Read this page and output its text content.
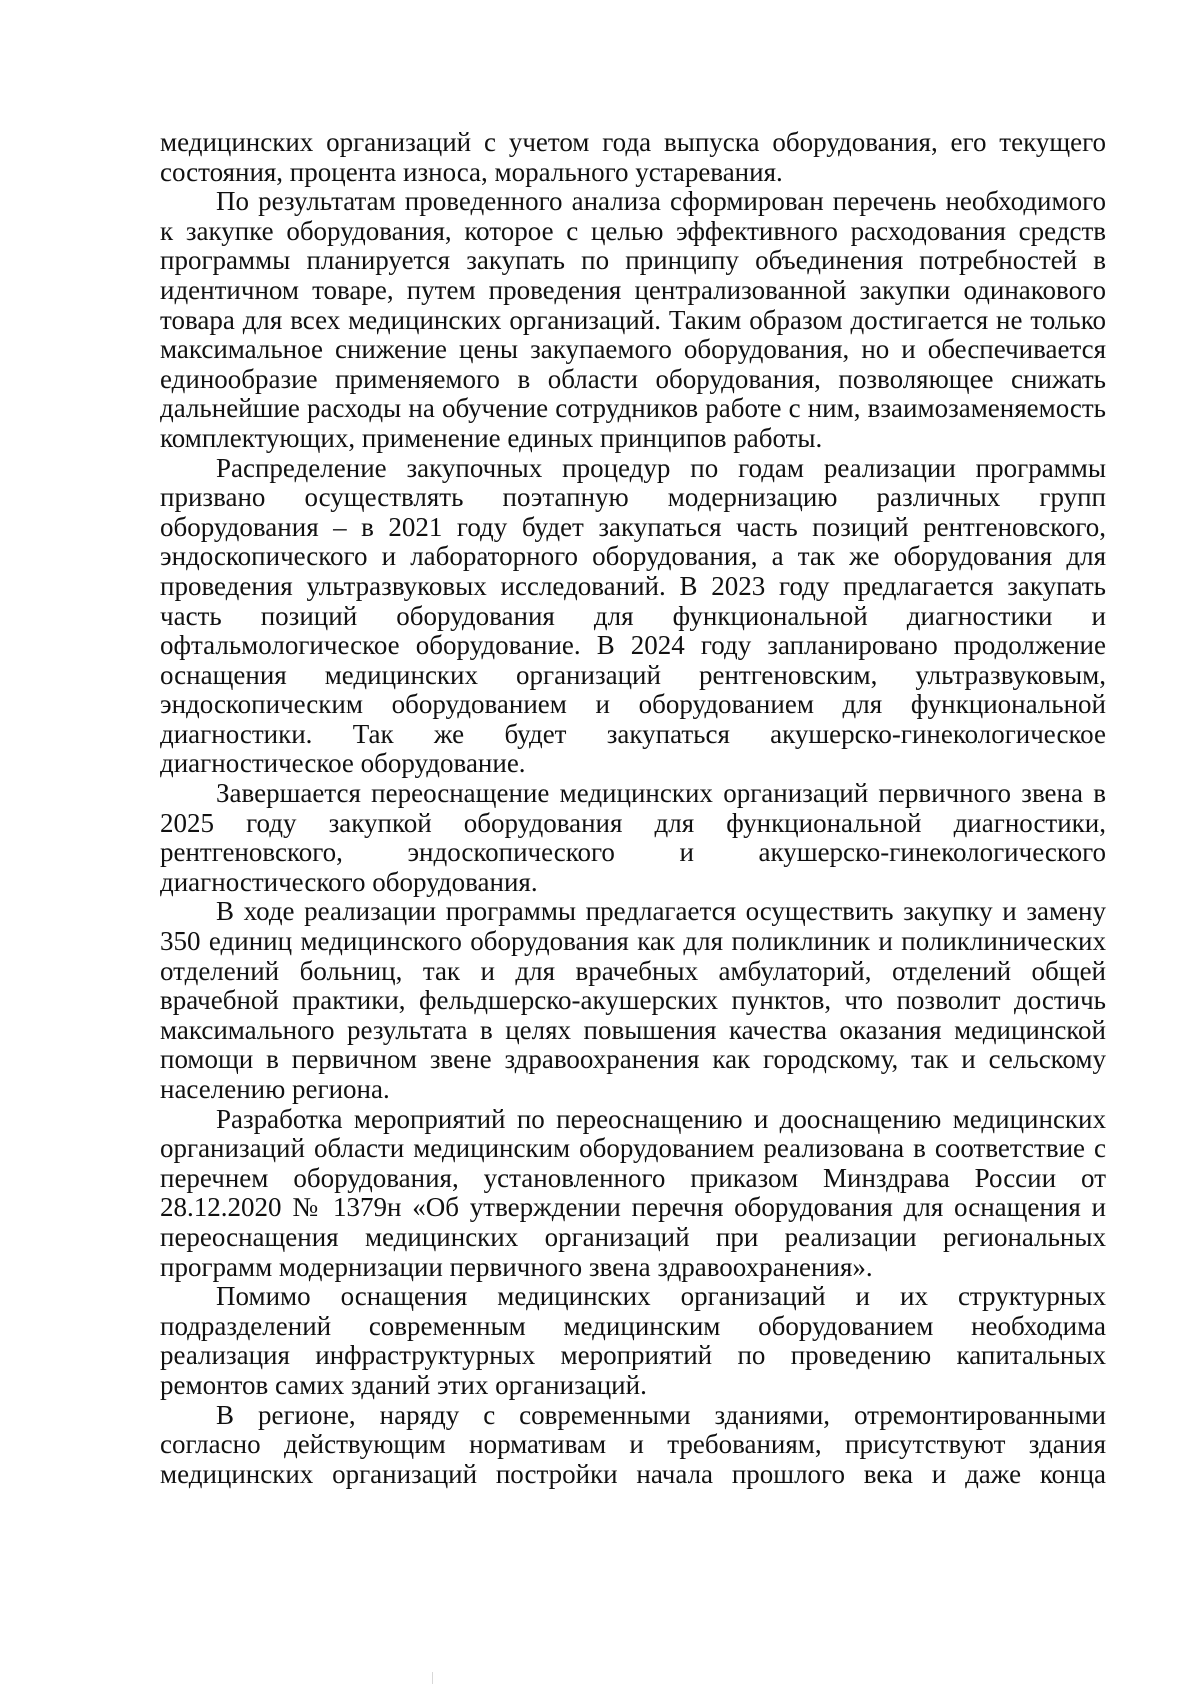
медицинских организаций с учетом года выпуска оборудования, его текущего состояния, процента износа, морального устаревания.

По результатам проведенного анализа сформирован перечень необходимого к закупке оборудования, которое с целью эффективного расходования средств программы планируется закупать по принципу объединения потребностей в идентичном товаре, путем проведения централизованной закупки одинакового товара для всех медицинских организаций. Таким образом достигается не только максимальное снижение цены закупаемого оборудования, но и обеспечивается единообразие применяемого в области оборудования, позволяющее снижать дальнейшие расходы на обучение сотрудников работе с ним, взаимозаменяемость комплектующих, применение единых принципов работы.

Распределение закупочных процедур по годам реализации программы призвано осуществлять поэтапную модернизацию различных групп оборудования – в 2021 году будет закупаться часть позиций рентгеновского, эндоскопического и лабораторного оборудования, а так же оборудования для проведения ультразвуковых исследований. В 2023 году предлагается закупать часть позиций оборудования для функциональной диагностики и офтальмологическое оборудование. В 2024 году запланировано продолжение оснащения медицинских организаций рентгеновским, ультразвуковым, эндоскопическим оборудованием и оборудованием для функциональной диагностики. Так же будет закупаться акушерско-гинекологическое диагностическое оборудование.

Завершается переоснащение медицинских организаций первичного звена в 2025 году закупкой оборудования для функциональной диагностики, рентгеновского, эндоскопического и акушерско-гинекологического диагностического оборудования.

В ходе реализации программы предлагается осуществить закупку и замену 350 единиц медицинского оборудования как для поликлиник и поликлинических отделений больниц, так и для врачебных амбулаторий, отделений общей врачебной практики, фельдшерско-акушерских пунктов, что позволит достичь максимального результата в целях повышения качества оказания медицинской помощи в первичном звене здравоохранения как городскому, так и сельскому населению региона.

Разработка мероприятий по переоснащению и дооснащению медицинских организаций области медицинским оборудованием реализована в соответствие с перечнем оборудования, установленного приказом Минздрава России от 28.12.2020 № 1379н «Об утверждении перечня оборудования для оснащения и переоснащения медицинских организаций при реализации региональных программ модернизации первичного звена здравоохранения».

Помимо оснащения медицинских организаций и их структурных подразделений современным медицинским оборудованием необходима реализация инфраструктурных мероприятий по проведению капитальных ремонтов самих зданий этих организаций.

В регионе, наряду с современными зданиями, отремонтированными согласно действующим нормативам и требованиям, присутствуют здания медицинских организаций постройки начала прошлого века и даже конца
